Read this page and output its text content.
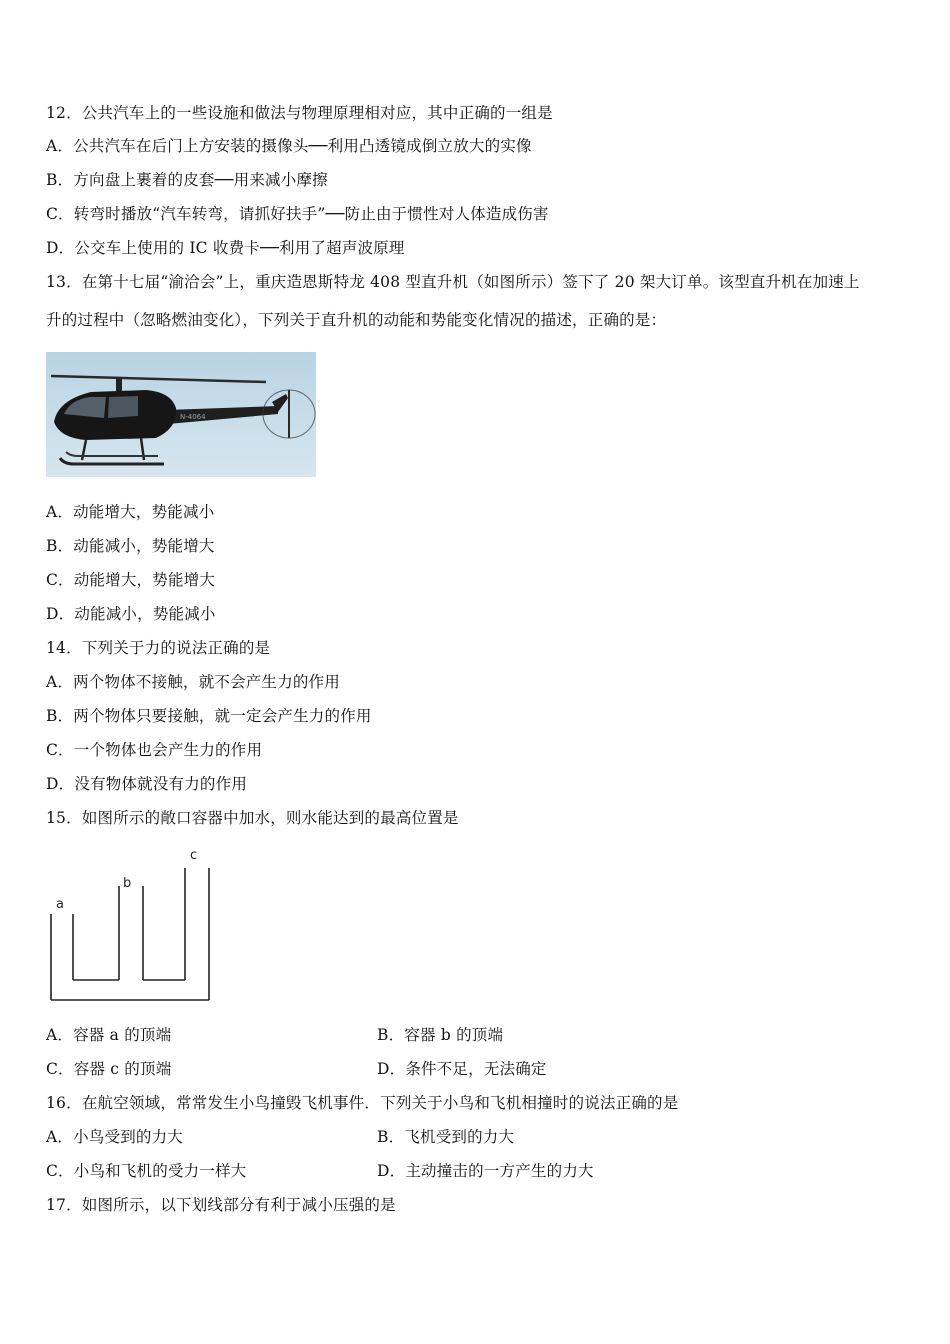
12．公共汽车上的一些设施和做法与物理原理相对应，其中正确的一组是
A．公共汽车在后门上方安装的摄像头──利用凸透镜成倒立放大的实像
B．方向盘上裹着的皮套──用来减小摩擦
C．转弯时播放“汽车转弯，请抓好扶手”──防止由于惯性对人体造成伤害
D．公交车上使用的 IC 收费卡──利用了超声波原理
13．在第十七届“渝洽会”上，重庆造恩斯特龙 408 型直升机（如图所示）签下了 20 架大订单。该型直升机在加速上
升的过程中（忽略燃油变化），下列关于直升机的动能和势能变化情况的描述，正确的是：
N-4064
A．动能增大，势能减小
B．动能减小，势能增大
C．动能增大，势能增大
D．动能减小，势能减小
14．下列关于力的说法正确的是
A．两个物体不接触，就不会产生力的作用
B．两个物体只要接触，就一定会产生力的作用
C．一个物体也会产生力的作用
D．没有物体就没有力的作用
15．如图所示的敞口容器中加水，则水能达到的最高位置是
a
b
c
A．容器 a 的顶端	B．容器 b 的顶端
C．容器 c 的顶端	D．条件不足，无法确定
16．在航空领域，常常发生小鸟撞毁飞机事件．下列关于小鸟和飞机相撞时的说法正确的是
A．小鸟受到的力大	B．飞机受到的力大
C．小鸟和飞机的受力一样大	D．主动撞击的一方产生的力大
17．如图所示，以下划线部分有利于减小压强的是
